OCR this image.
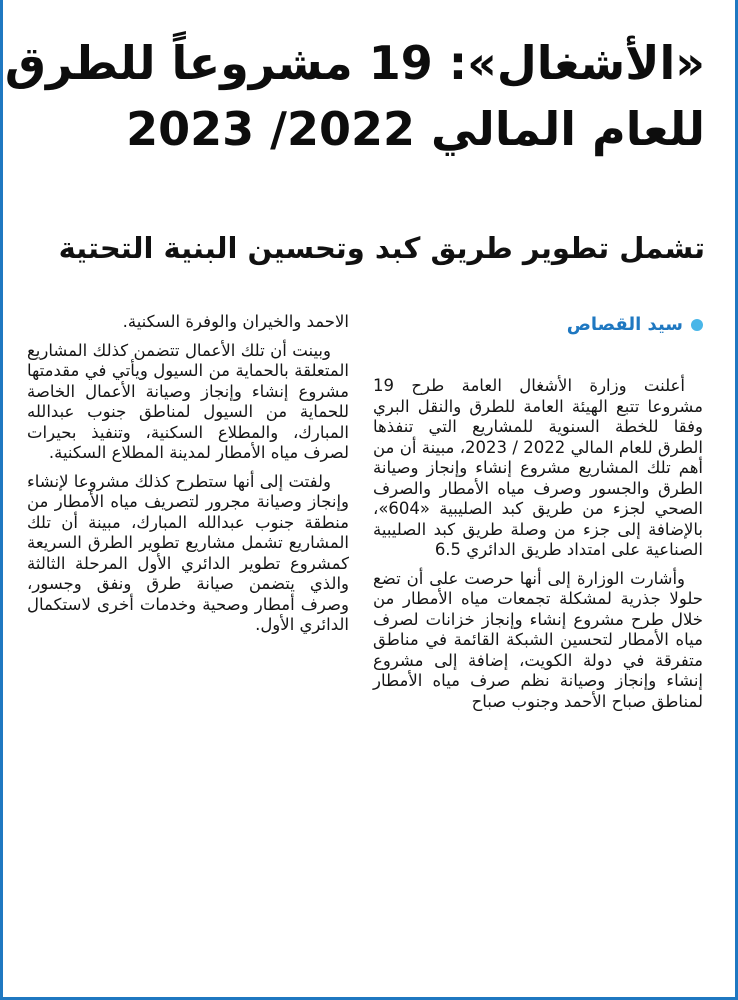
«الأشغال»: 19 مشروعاً للطرق
للعام المالي 2022/ 2023
تشمل تطوير طريق كبد وتحسين البنية التحتية
سيد القصاص

أعلنت وزارة الأشغال العامة طرح 19 مشروعا تتبع الهيئة العامة للطرق والنقل البري وفقا للخطة السنوية للمشاريع التي تنفذها الطرق للعام المالي 2022 / 2023، مبينة أن من أهم تلك المشاريع مشروع إنشاء وإنجاز وصيانة الطرق والجسور وصرف مياه الأمطار والصرف الصحي لجزء من طريق كبد الصليبية «604»، بالإضافة إلى جزء من وصلة طريق كبد الصليبية الصناعية على امتداد طريق الدائري 6.5

وأشارت الوزارة إلى أنها حرصت على أن تضع حلولا جذرية لمشكلة تجمعات مياه الأمطار من خلال طرح مشروع إنشاء وإنجاز خزانات لصرف مياه الأمطار لتحسين الشبكة القائمة في مناطق متفرقة في دولة الكويت، إضافة إلى مشروع إنشاء وإنجاز وصيانة نظم صرف مياه الأمطار لمناطق صباح الأحمد وجنوب صباح

الاحمد والخيران والوفرة السكنية.

وبينت أن تلك الأعمال تتضمن كذلك المشاريع المتعلقة بالحماية من السيول ويأتي في مقدمتها مشروع إنشاء وإنجاز وصيانة الأعمال الخاصة للحماية من السيول لمناطق جنوب عبدالله المبارك، والمطلاع السكنية، وتنفيذ بحيرات لصرف مياه الأمطار لمدينة المطلاع السكنية.

ولفتت إلى أنها ستطرح كذلك مشروعا لإنشاء وإنجاز وصيانة مجرور لتصريف مياه الأمطار من منطقة جنوب عبدالله المبارك، مبينة أن تلك المشاريع تشمل مشاريع تطوير الطرق السريعة كمشروع تطوير الدائري الأول المرحلة الثالثة والذي يتضمن صيانة طرق ونفق وجسور، وصرف أمطار وصحية وخدمات أخرى لاستكمال الدائري الأول.
